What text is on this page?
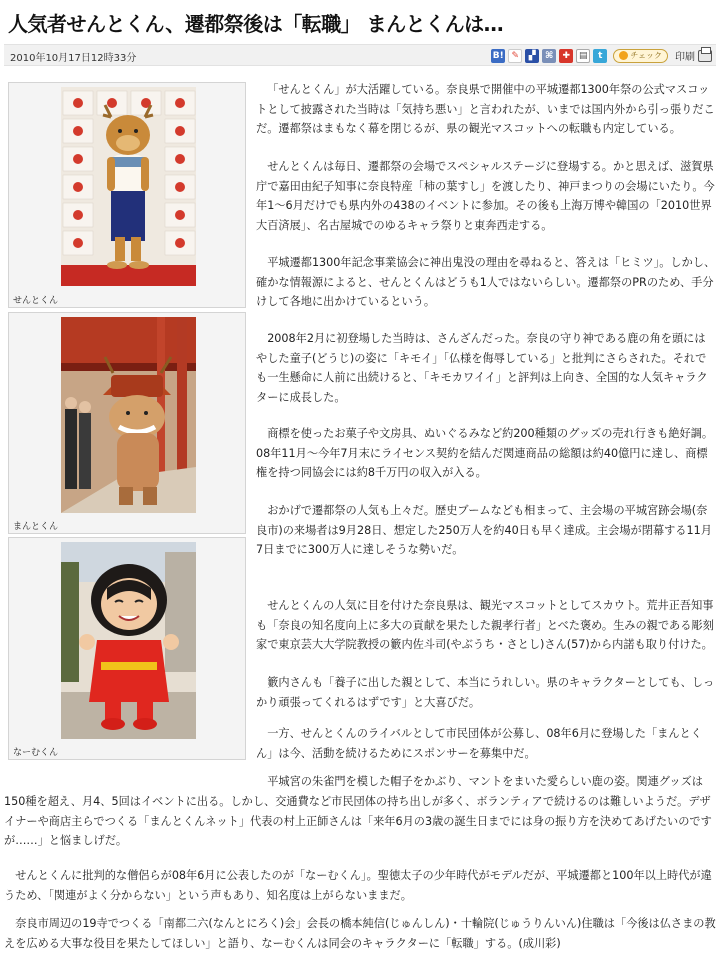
人気者せんとくん、遷都祭後は「転職」 まんとくんは…
2010年10月17日12時33分	B! ✎	▞	⌘	✚ ▤	t	チェック 印刷
せんとくん
まんとくん
なーむくん

「せんとくん」が大活躍している。奈良県で開催中の平城遷都1300年祭の公式マスコットとして披露された当時は「気持ち悪い」と言われたが、いまでは国内外から引っ張りだこだ。遷都祭はまもなく幕を閉じるが、県の観光マスコットへの転職も内定している。

せんとくんは毎日、遷都祭の会場でスペシャルステージに登場する。かと思えば、滋賀県庁で嘉田由紀子知事に奈良特産「柿の葉すし」を渡したり、神戸まつりの会場にいたり。今年1～6月だけでも県内外の438のイベントに参加。その後も上海万博や韓国の「2010世界大百済展」、名古屋城でのゆるキャラ祭りと東奔西走する。

平城遷都1300年記念事業協会に神出鬼没の理由を尋ねると、答えは「ヒミツ」。しかし、確かな情報源によると、せんとくんはどうも1人ではないらしい。遷都祭のPRのため、手分けして各地に出かけているという。

2008年2月に初登場した当時は、さんざんだった。奈良の守り神である鹿の角を頭にはやした童子(どうじ)の姿に「キモイ」「仏様を侮辱している」と批判にさらされた。それでも一生懸命に人前に出続けると、「キモカワイイ」と評判は上向き、全国的な人気キャラクターに成長した。

商標を使ったお菓子や文房具、ぬいぐるみなど約200種類のグッズの売れ行きも絶好調。08年11月～今年7月末にライセンス契約を結んだ関連商品の総額は約40億円に達し、商標権を持つ同協会には約8千万円の収入が入る。

おかげで遷都祭の人気も上々だ。歴史ブームなども相まって、主会場の平城宮跡会場(奈良市)の来場者は9月28日、想定した250万人を約40日も早く達成。主会場が閉幕する11月7日までに300万人に達しそうな勢いだ。

せんとくんの人気に目を付けた奈良県は、観光マスコットとしてスカウト。荒井正吾知事も「奈良の知名度向上に多大の貢献を果たした親孝行者」とべた褒め。生みの親である彫刻家で東京芸大大学院教授の籔内佐斗司(やぶうち・さとし)さん(57)から内諾も取り付けた。

籔内さんも「養子に出した親として、本当にうれしい。県のキャラクターとしても、しっかり頑張ってくれるはずです」と大喜びだ。

一方、せんとくんのライバルとして市民団体が公募し、08年6月に登場した「まんとくん」は今、活動を続けるためにスポンサーを募集中だ。

平城宮の朱雀門を模した帽子をかぶり、マントをまいた愛らしい鹿の姿。関連グッズは

150種を超え、月4、5回はイベントに出る。しかし、交通費など市民団体の持ち出しが多く、ボランティアで続けるのは難しいようだ。デザイナーや商店主らでつくる「まんとくんネット」代表の村上正師さんは「来年6月の3歳の誕生日までには身の振り方を決めてあげたいのですが……」と悩ましげだ。

せんとくんに批判的な僧侶らが08年6月に公表したのが「なーむくん」。聖徳太子の少年時代がモデルだが、平城遷都と100年以上時代が違うため、「関連がよく分からない」という声もあり、知名度は上がらないままだ。

奈良市周辺の19寺でつくる「南都二六(なんとにろく)会」会長の橋本純信(じゅんしん)・十輪院(じゅうりんいん)住職は「今後は仏さまの教えを広める大事な役目を果たしてほしい」と語り、なーむくんは同会のキャラクターに「転職」する。(成川彩)
